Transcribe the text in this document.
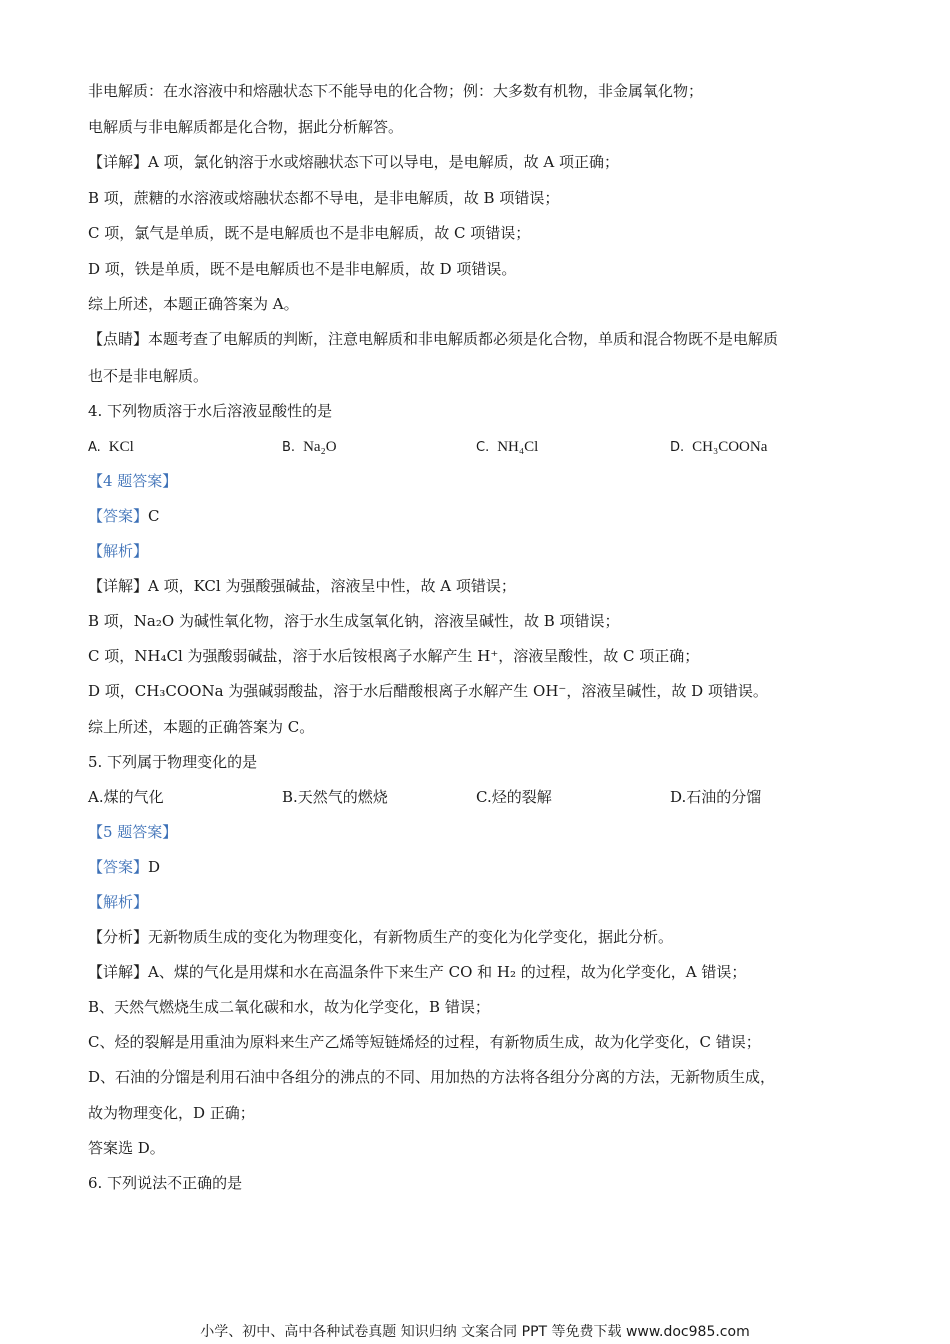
非电解质：在水溶液中和熔融状态下不能导电的化合物；例：大多数有机物，非金属氧化物；
电解质与非电解质都是化合物，据此分析解答。
【详解】A 项，氯化钠溶于水或熔融状态下可以导电，是电解质，故 A 项正确；
B 项，蔗糖的水溶液或熔融状态都不导电，是非电解质，故 B 项错误；
C 项，氯气是单质，既不是电解质也不是非电解质，故 C 项错误；
D 项，铁是单质，既不是电解质也不是非电解质，故 D 项错误。
综上所述，本题正确答案为 A。
【点睛】本题考查了电解质的判断，注意电解质和非电解质都必须是化合物，单质和混合物既不是电解质
也不是非电解质。
4. 下列物质溶于水后溶液显酸性的是
A. KCl	B. Na₂O	C. NH₄Cl	D. CH₃COONa
【4 题答案】
【答案】C
【解析】
【详解】A 项，KCl 为强酸强碱盐，溶液呈中性，故 A 项错误；
B 项，Na₂O 为碱性氧化物，溶于水生成氢氧化钠，溶液呈碱性，故 B 项错误；
C 项，NH₄Cl 为强酸弱碱盐，溶于水后铵根离子水解产生 H⁺，溶液呈酸性，故 C 项正确；
D 项，CH₃COONa 为强碱弱酸盐，溶于水后醋酸根离子水解产生 OH⁻，溶液呈碱性，故 D 项错误。
综上所述，本题的正确答案为 C。
5. 下列属于物理变化的是
A.煤的气化	B.天然气的燃烧	C.烃的裂解	D.石油的分馏
【5 题答案】
【答案】D
【解析】
【分析】无新物质生成的变化为物理变化，有新物质生产的变化为化学变化，据此分析。
【详解】A、煤的气化是用煤和水在高温条件下来生产 CO 和 H₂ 的过程，故为化学变化，A 错误；
B、天然气燃烧生成二氧化碳和水，故为化学变化，B 错误；
C、烃的裂解是用重油为原料来生产乙烯等短链烯烃的过程，有新物质生成，故为化学变化，C 错误；
D、石油的分馏是利用石油中各组分的沸点的不同、用加热的方法将各组分分离的方法，无新物质生成，
故为物理变化，D 正确；
答案选 D。
6. 下列说法不正确的是
小学、初中、高中各种试卷真题 知识归纳 文案合同 PPT 等免费下载 www.doc985.com
